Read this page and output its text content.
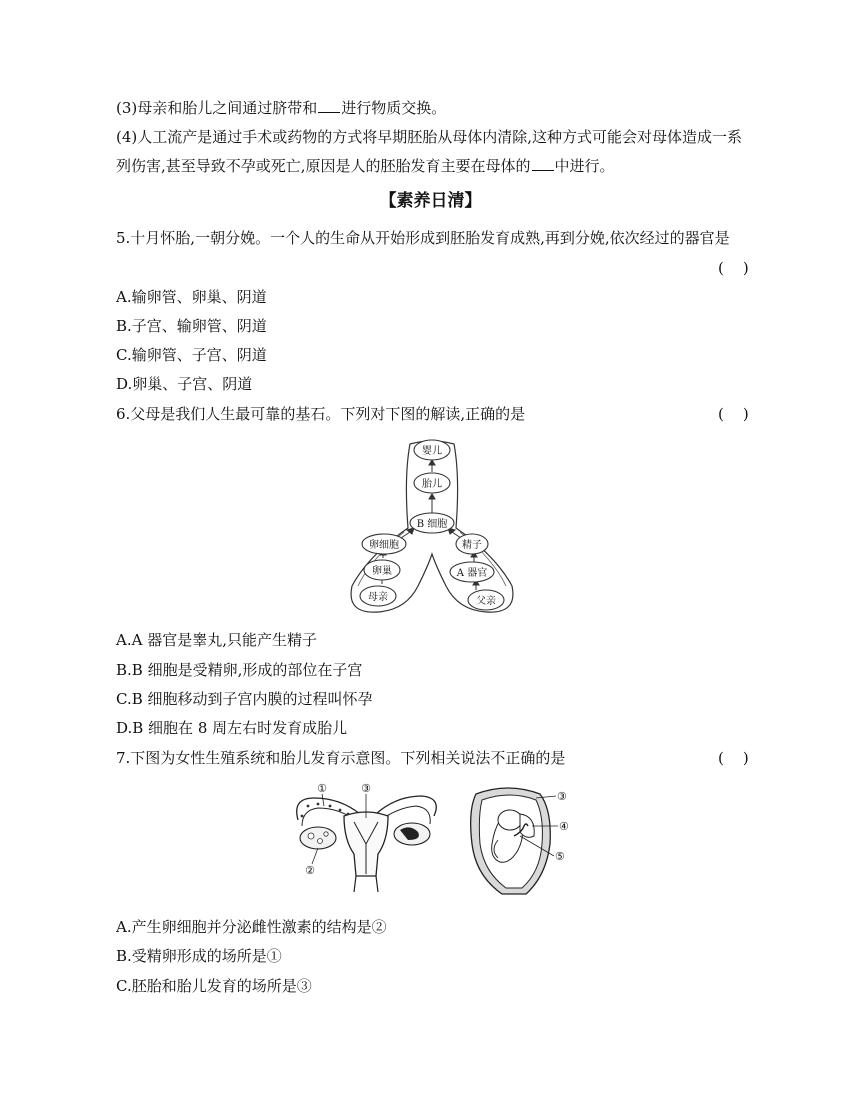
(3)母亲和胎儿之间通过脐带和 进行物质交换。
(4)人工流产是通过手术或药物的方式将早期胚胎从母体内清除,这种方式可能会对母体造成一系
列伤害,甚至导致不孕或死亡,原因是人的胚胎发育主要在母体的 中进行。
【素养日清】
5.十月怀胎,一朝分娩。一个人的生命从开始形成到胚胎发育成熟,再到分娩,依次经过的器官是
(    )
A.输卵管、卵巢、阴道
B.子宫、输卵管、阴道
C.输卵管、子宫、阴道
D.卵巢、子宫、阴道
6.父母是我们人生最可靠的基石。下列对下图的解读,正确的是	(    )
婴儿
胎儿
B 细胞
卵细胞	精子
卵巢	A 器官
母亲	父亲
A.A 器官是睾丸,只能产生精子
B.B 细胞是受精卵,形成的部位在子宫
C.B 细胞移动到子宫内膜的过程叫怀孕
D.B 细胞在 8 周左右时发育成胎儿
7.下图为女性生殖系统和胎儿发育示意图。下列相关说法不正确的是	(    )
①	③
②
③
④
⑤
A.产生卵细胞并分泌雌性激素的结构是②
B.受精卵形成的场所是①
C.胚胎和胎儿发育的场所是③
